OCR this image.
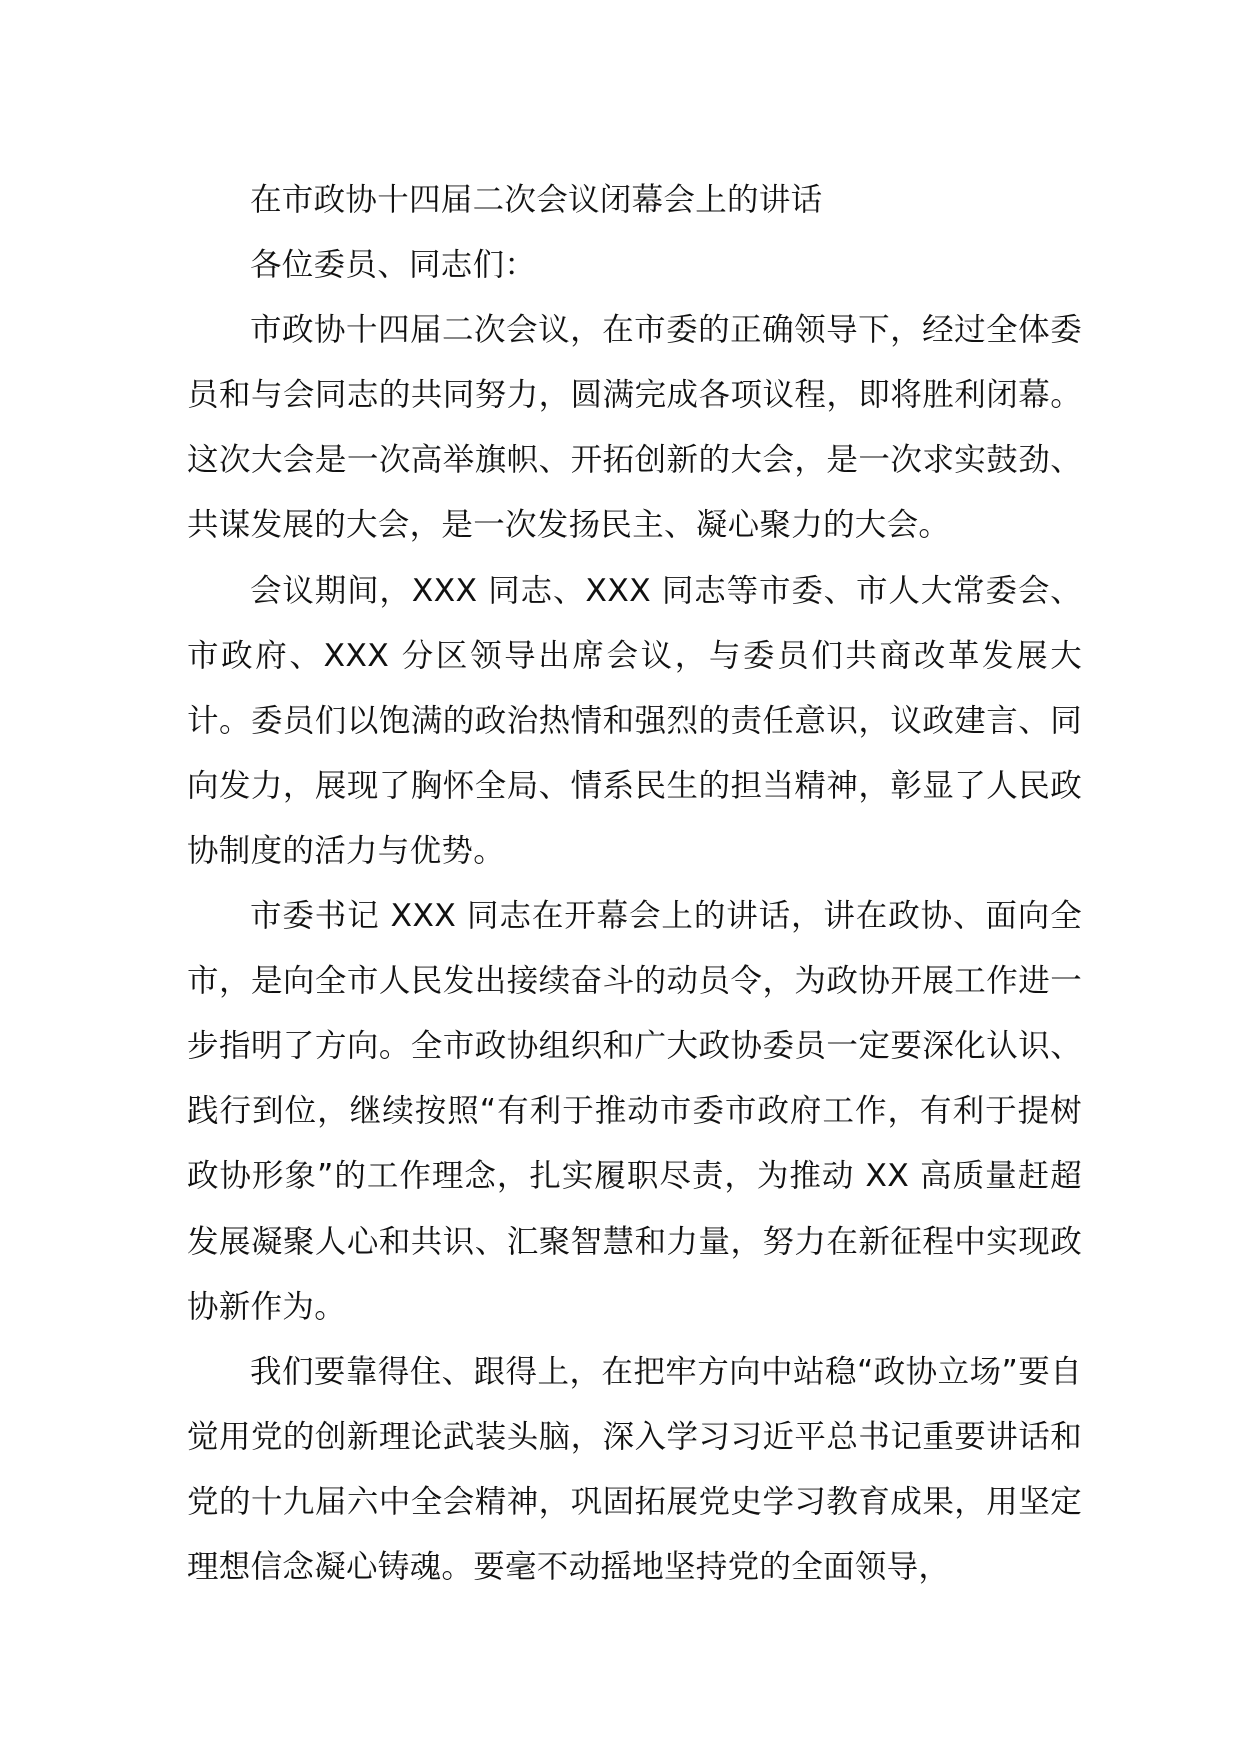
在市政协十四届二次会议闭幕会上的讲话

各位委员、同志们：

市政协十四届二次会议，在市委的正确领导下，经过全体委员和与会同志的共同努力，圆满完成各项议程，即将胜利闭幕。这次大会是一次高举旗帜、开拓创新的大会，是一次求实鼓劲、共谋发展的大会，是一次发扬民主、凝心聚力的大会。

会议期间，XXX 同志、XXX 同志等市委、市人大常委会、市政府、XXX 分区领导出席会议，与委员们共商改革发展大计。委员们以饱满的政治热情和强烈的责任意识，议政建言、同向发力，展现了胸怀全局、情系民生的担当精神，彰显了人民政协制度的活力与优势。

市委书记 XXX 同志在开幕会上的讲话，讲在政协、面向全市，是向全市人民发出接续奋斗的动员令，为政协开展工作进一步指明了方向。全市政协组织和广大政协委员一定要深化认识、践行到位，继续按照“有利于推动市委市政府工作，有利于提树政协形象”的工作理念，扎实履职尽责，为推动 XX 高质量赶超发展凝聚人心和共识、汇聚智慧和力量，努力在新征程中实现政协新作为。

我们要靠得住、跟得上，在把牢方向中站稳“政协立场”要自觉用党的创新理论武装头脑，深入学习习近平总书记重要讲话和党的十九届六中全会精神，巩固拓展党史学习教育成果，用坚定理想信念凝心铸魂。要毫不动摇地坚持党的全面领导，
